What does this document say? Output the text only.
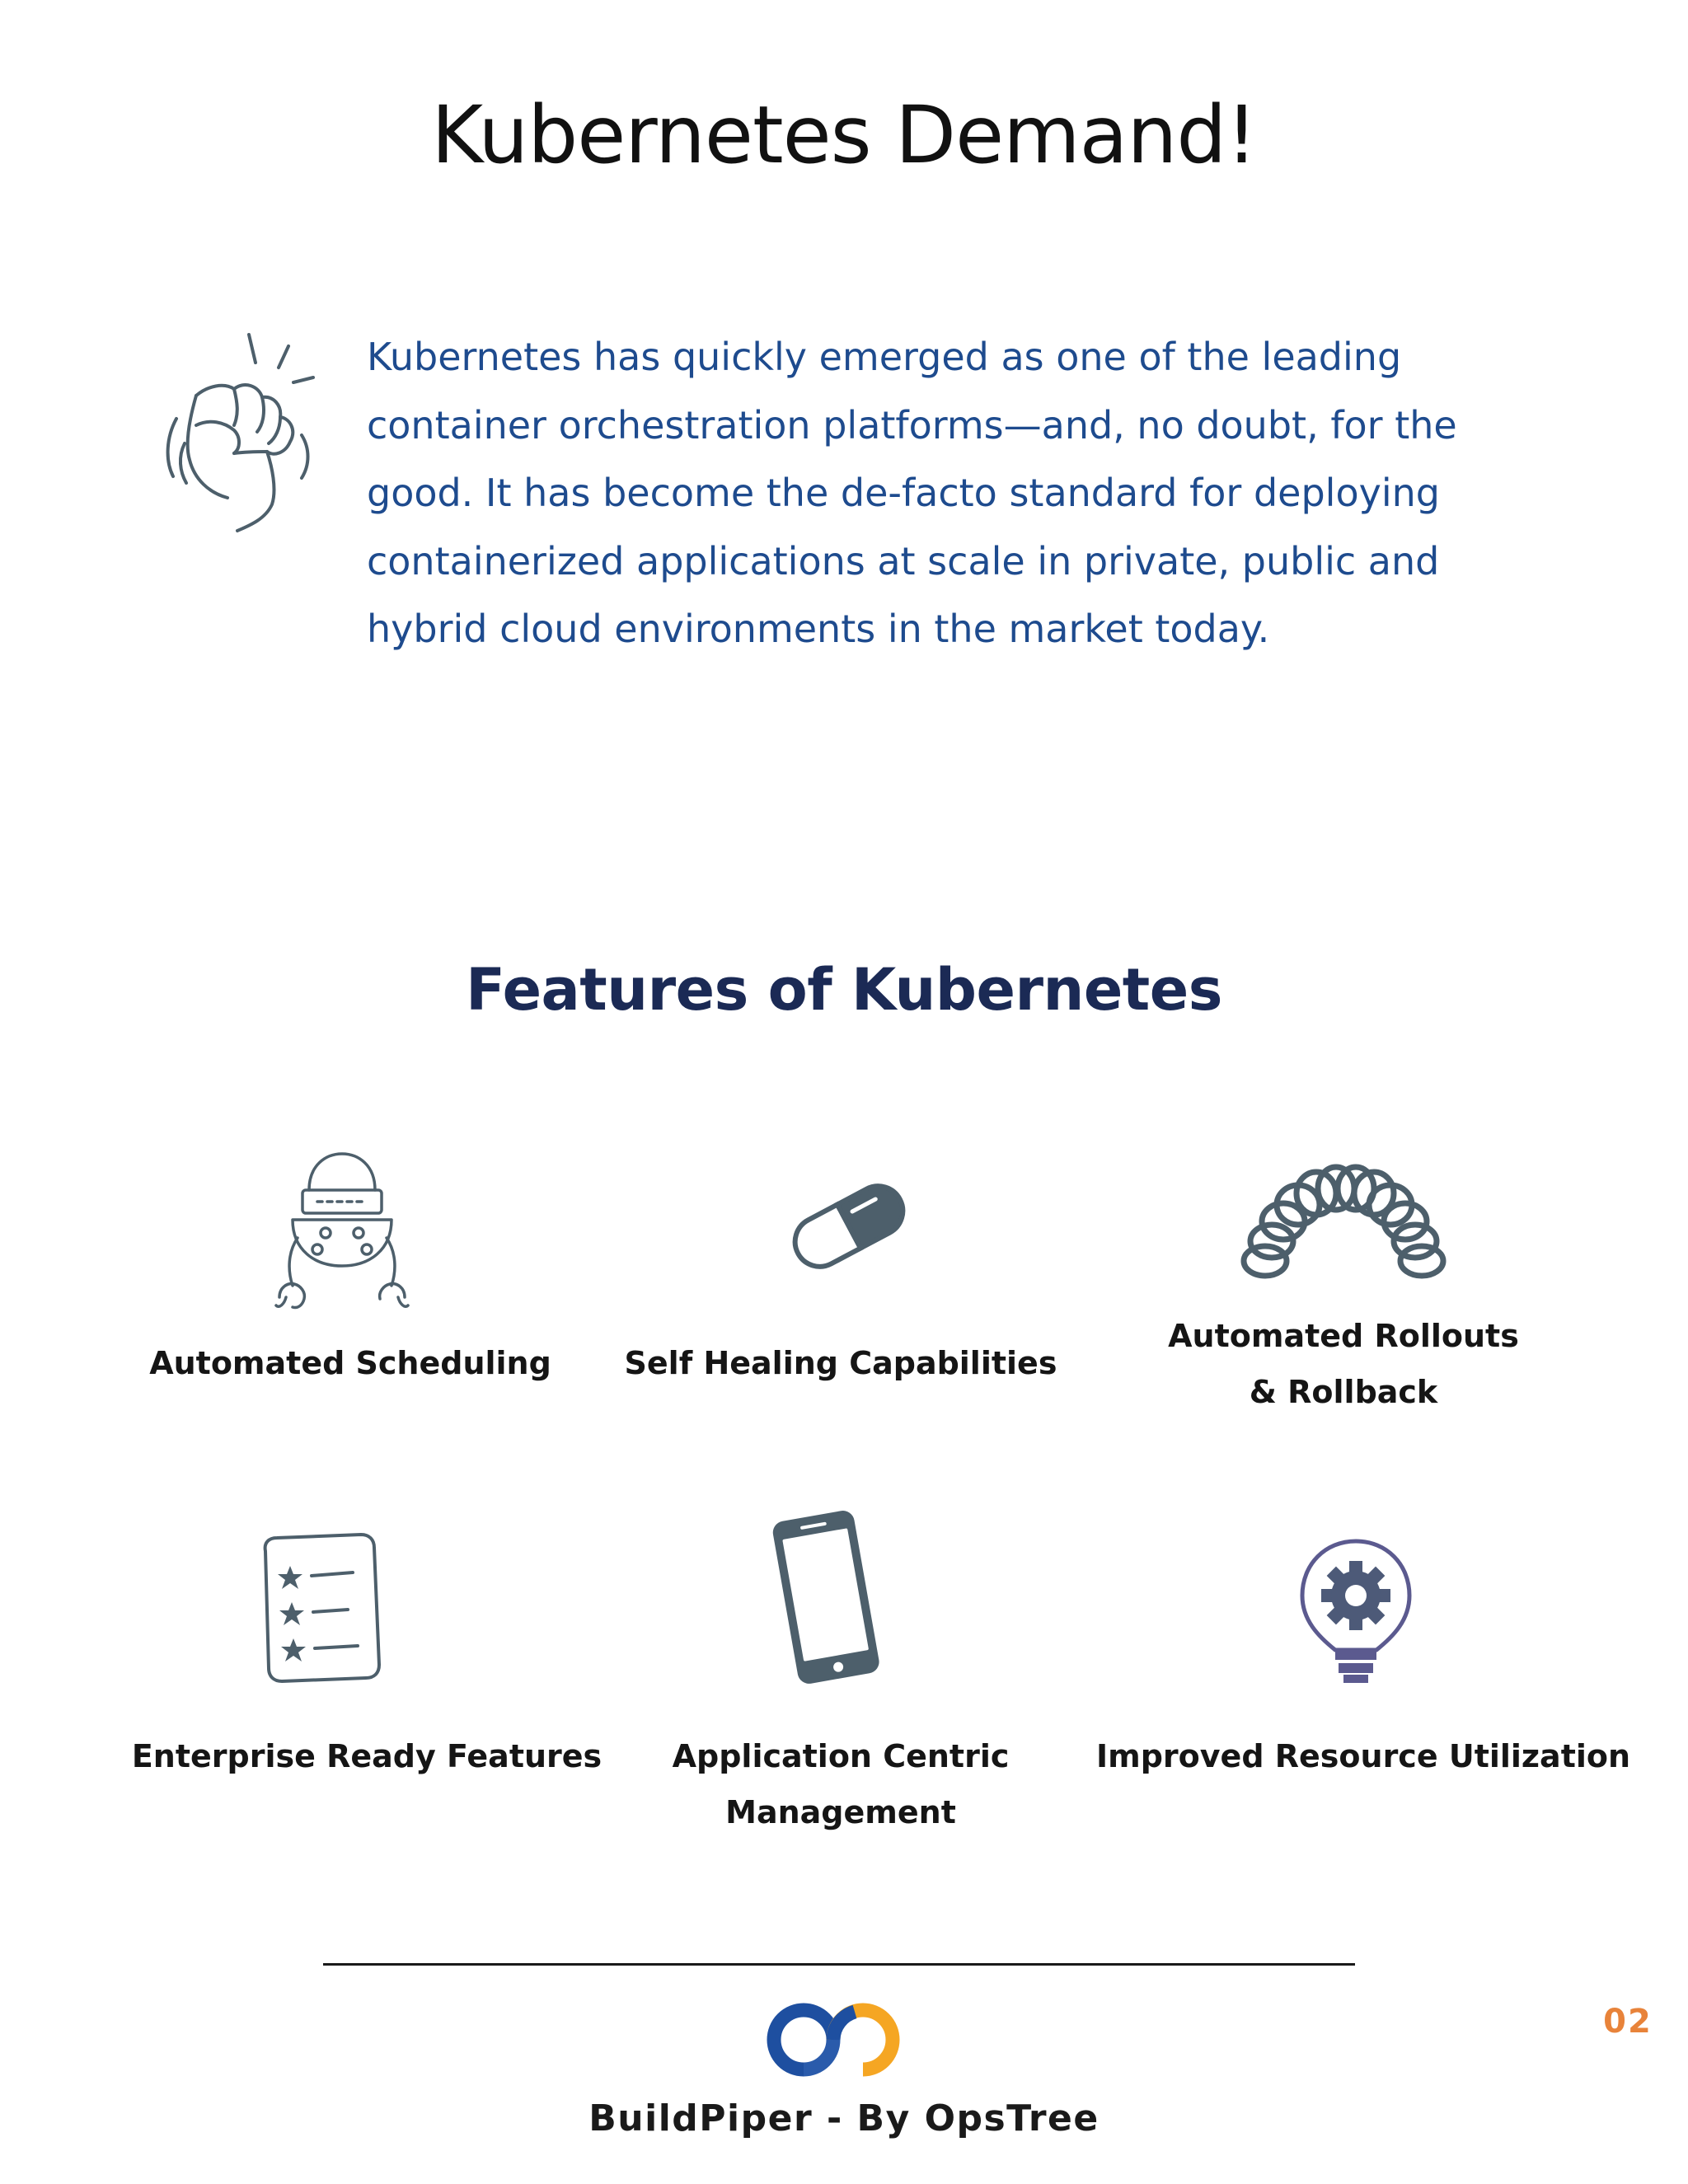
Kubernetes Demand!

Kubernetes has quickly emerged as one of the leading
container orchestration platforms—and, no doubt, for the
good. It has become the de-facto standard for deploying
containerized applications at scale in private, public and
hybrid cloud environments in the market today.

Features of Kubernetes
Automated Scheduling	Self Healing Capabilities
Automated Rollouts
& Rollback
Enterprise Ready Features	Application Centric
Management
Improved Resource Utilization
BuildPiper - By OpsTree
02
